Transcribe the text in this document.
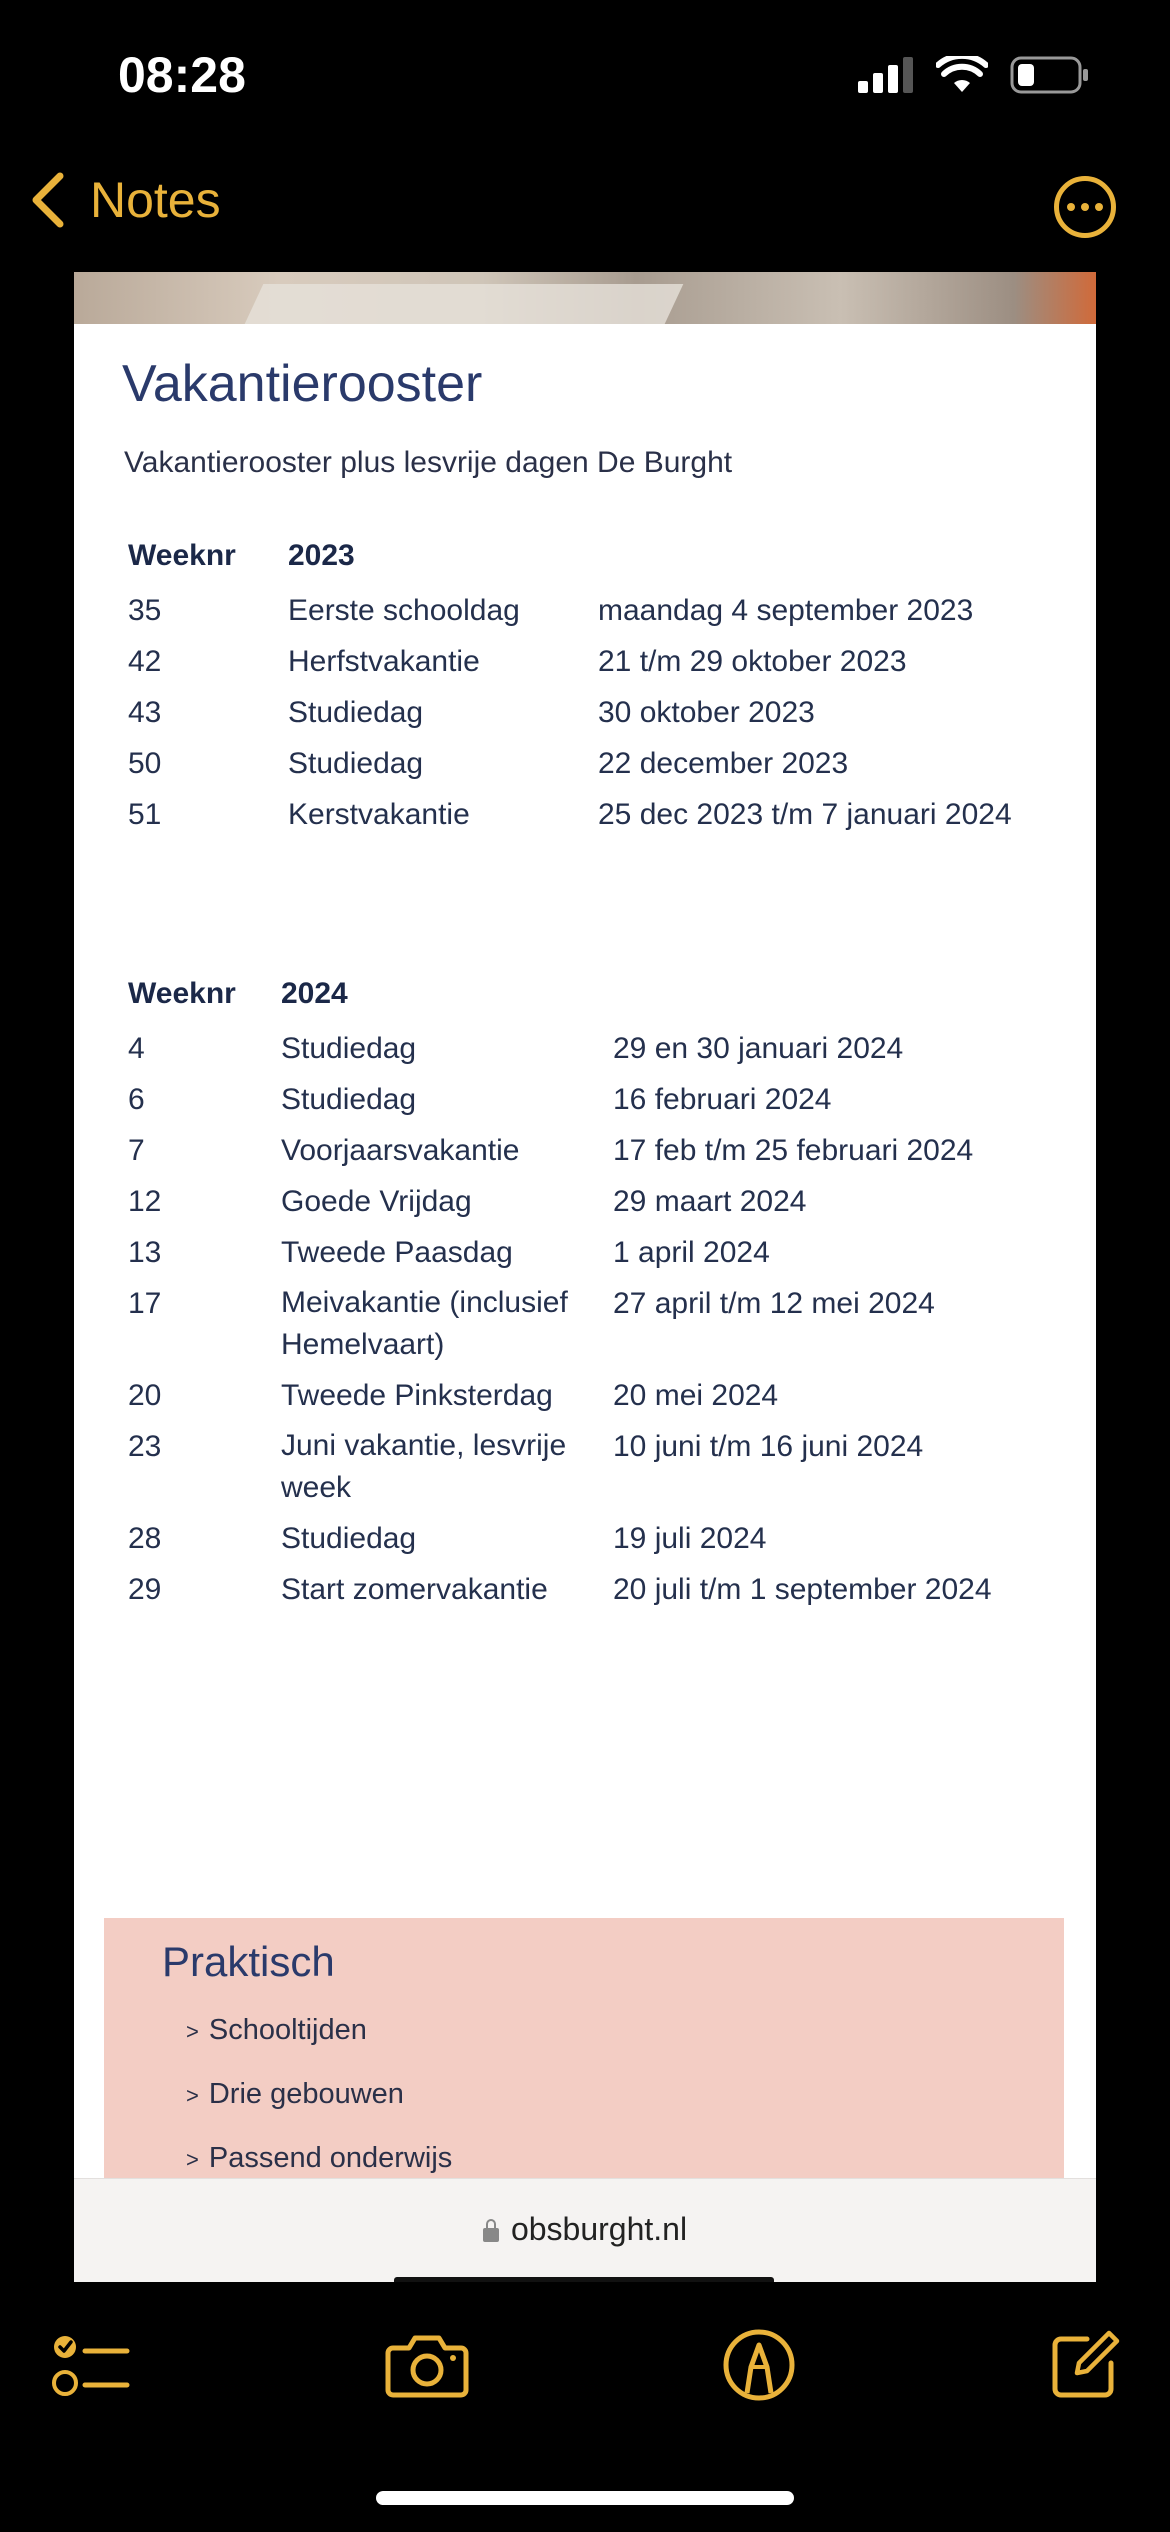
08:28
Notes
Vakantierooster
Vakantierooster plus lesvrije dagen De Burght
Weeknr	2023	
35	Eerste schooldag	maandag 4 september 2023
42	Herfstvakantie	21 t/m 29 oktober 2023
43	Studiedag	30 oktober 2023
50	Studiedag	22 december 2023
51	Kerstvakantie	25 dec 2023 t/m 7 januari 2024
Weeknr	2024	
4	Studiedag	29 en 30 januari 2024
6	Studiedag	16 februari 2024
7	Voorjaarsvakantie	17 feb t/m 25 februari 2024
12	Goede Vrijdag	29 maart 2024
13	Tweede Paasdag	1 april 2024
17	Meivakantie (inclusief Hemelvaart)	27 april t/m 12 mei 2024
20	Tweede Pinksterdag	20 mei 2024
23	Juni vakantie, lesvrije week	10 juni t/m 16 juni 2024
28	Studiedag	19 juli 2024
29	Start zomervakantie	20 juli t/m 1 september 2024
Praktisch
> Schooltijden
> Drie gebouwen
> Passend onderwijs
obsburght.nl
